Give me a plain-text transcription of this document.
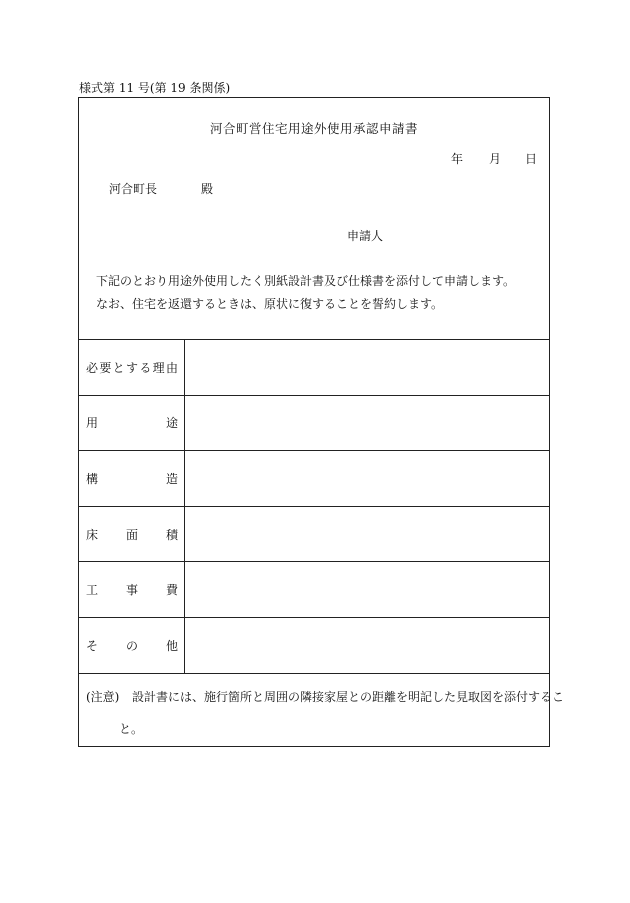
様式第 11 号(第 19 条関係)
河合町営住宅用途外使用承認申請書
年 月 日
河合町長	殿
申請人
下記のとおり用途外使用したく別紙設計書及び仕様書を添付して申請します。
なお、住宅を返還するときは、原状に復することを誓約します。
必 要 と す る 理 由
用	途
構	造
床 面 積
工 事 費
そ の 他
(注意) 設計書には、施行箇所と周囲の隣接家屋との距離を明記した見取図を添付するこ
と。
